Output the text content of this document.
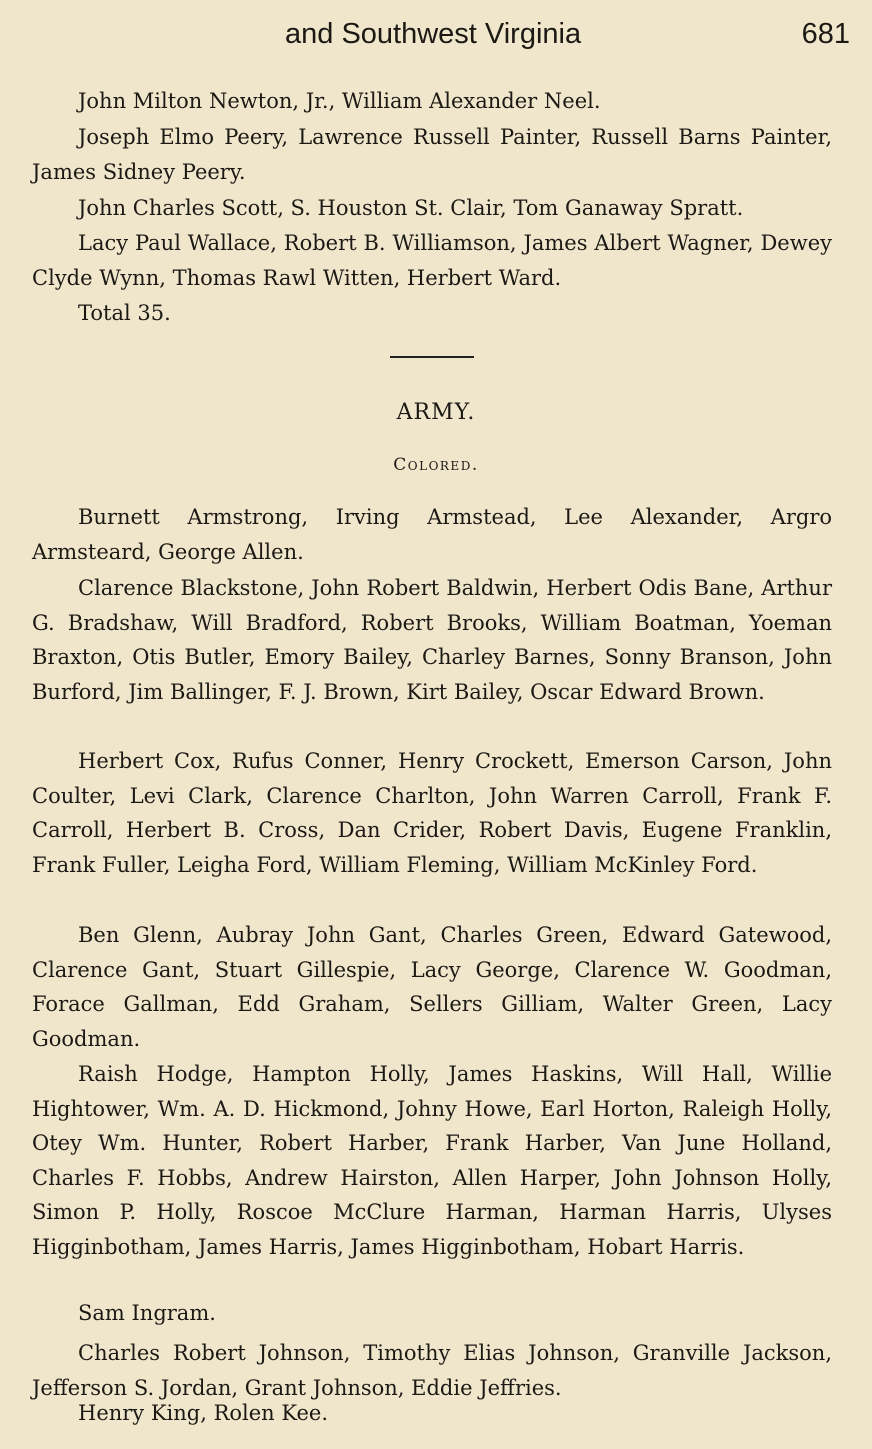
and Southwest Virginia	681

John Milton Newton, Jr., William Alexander Neel.

Joseph Elmo Peery, Lawrence Russell Painter, Russell Barns Painter, James Sidney Peery.

John Charles Scott, S. Houston St. Clair, Tom Ganaway Spratt.

Lacy Paul Wallace, Robert B. Williamson, James Albert Wagner, Dewey Clyde Wynn, Thomas Rawl Witten, Herbert Ward.

Total 35.

ARMY.
Colored.

Burnett Armstrong, Irving Armstead, Lee Alexander, Argro Armsteard, George Allen.

Clarence Blackstone, John Robert Baldwin, Herbert Odis Bane, Arthur G. Bradshaw, Will Bradford, Robert Brooks, William Boatman, Yoeman Braxton, Otis Butler, Emory Bailey, Charley Barnes, Sonny Branson, John Burford, Jim Ballinger, F. J. Brown, Kirt Bailey, Oscar Edward Brown.

Herbert Cox, Rufus Conner, Henry Crockett, Emerson Carson, John Coulter, Levi Clark, Clarence Charlton, John Warren Carroll, Frank F. Carroll, Herbert B. Cross, Dan Crider, Robert Davis, Eugene Franklin, Frank Fuller, Leigha Ford, William Fleming, William McKinley Ford.

Ben Glenn, Aubray John Gant, Charles Green, Edward Gatewood, Clarence Gant, Stuart Gillespie, Lacy George, Clarence W. Goodman, Forace Gallman, Edd Graham, Sellers Gilliam, Walter Green, Lacy Goodman.

Raish Hodge, Hampton Holly, James Haskins, Will Hall, Willie Hightower, Wm. A. D. Hickmond, Johny Howe, Earl Horton, Raleigh Holly, Otey Wm. Hunter, Robert Harber, Frank Harber, Van June Holland, Charles F. Hobbs, Andrew Hairston, Allen Harper, John Johnson Holly, Simon P. Holly, Roscoe McClure Harman, Harman Harris, Ulyses Higginbotham, James Harris, James Higginbotham, Hobart Harris.

Sam Ingram.

Charles Robert Johnson, Timothy Elias Johnson, Granville Jackson, Jefferson S. Jordan, Grant Johnson, Eddie Jeffries.

Henry King, Rolen Kee.
